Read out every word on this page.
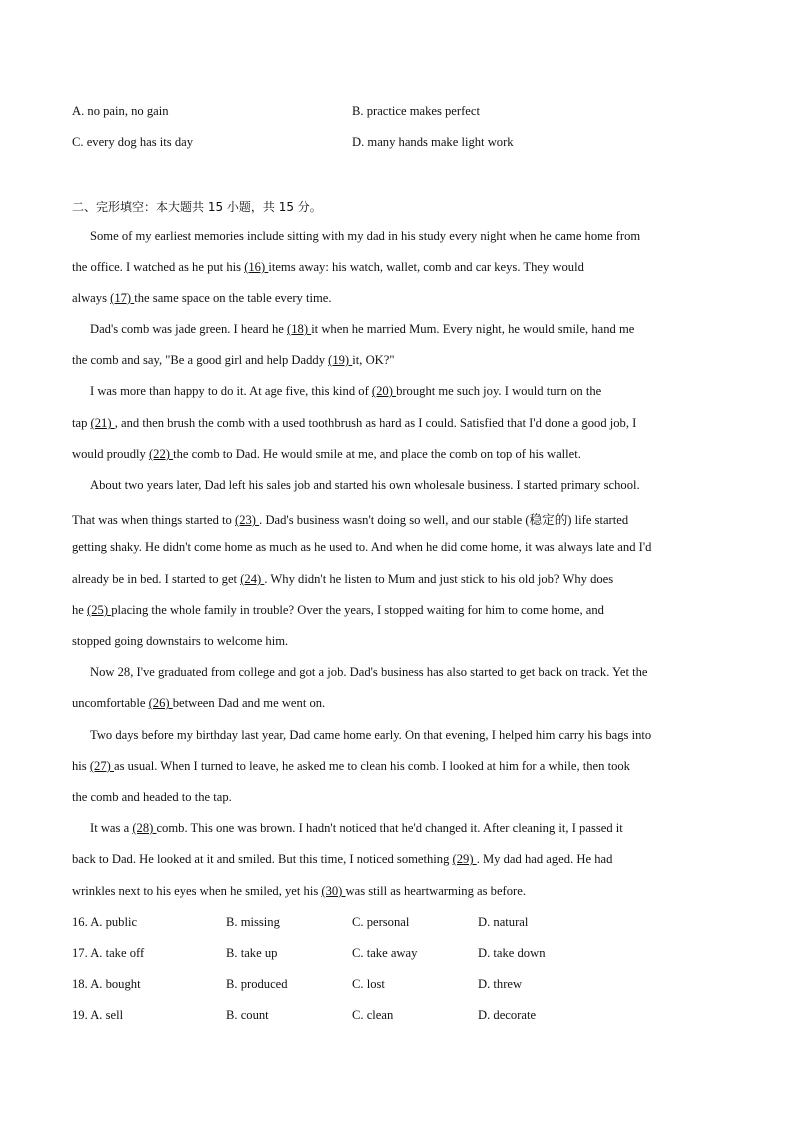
A. no pain, no gain	B. practice makes perfect
C. every dog has its day	D. many hands make light work
二、完形填空：本大题共 15 小题，共 15 分。
Some of my earliest memories include sitting with my dad in his study every night when he came home from
the office. I watched as he put his (16) items away: his watch, wallet, comb and car keys. They would
always (17) the same space on the table every time.
Dad's comb was jade green. I heard he (18) it when he married Mum. Every night, he would smile, hand me
the comb and say, "Be a good girl and help Daddy (19) it, OK?"
I was more than happy to do it. At age five, this kind of (20) brought me such joy. I would turn on the
tap (21) , and then brush the comb with a used toothbrush as hard as I could. Satisfied that I'd done a good job, I
would proudly (22) the comb to Dad. He would smile at me, and place the comb on top of his wallet.
About two years later, Dad left his sales job and started his own wholesale business. I started primary school.
That was when things started to (23) . Dad's business wasn't doing so well, and our stable (稳定的) life started
getting shaky. He didn't come home as much as he used to. And when he did come home, it was always late and I'd
already be in bed. I started to get (24) . Why didn't he listen to Mum and just stick to his old job? Why does
he (25) placing the whole family in trouble? Over the years, I stopped waiting for him to come home, and
stopped going downstairs to welcome him.
Now 28, I've graduated from college and got a job. Dad's business has also started to get back on track. Yet the
uncomfortable (26) between Dad and me went on.
Two days before my birthday last year, Dad came home early. On that evening, I helped him carry his bags into
his (27) as usual. When I turned to leave, he asked me to clean his comb. I looked at him for a while, then took
the comb and headed to the tap.
It was a (28) comb. This one was brown. I hadn't noticed that he'd changed it. After cleaning it, I passed it
back to Dad. He looked at it and smiled. But this time, I noticed something (29) . My dad had aged. He had
wrinkles next to his eyes when he smiled, yet his (30) was still as heartwarming as before.
16. A. public	B. missing	C. personal	D. natural
17. A. take off	B. take up	C. take away	D. take down
18. A. bought	B. produced	C. lost	D. threw
19. A. sell	B. count	C. clean	D. decorate
